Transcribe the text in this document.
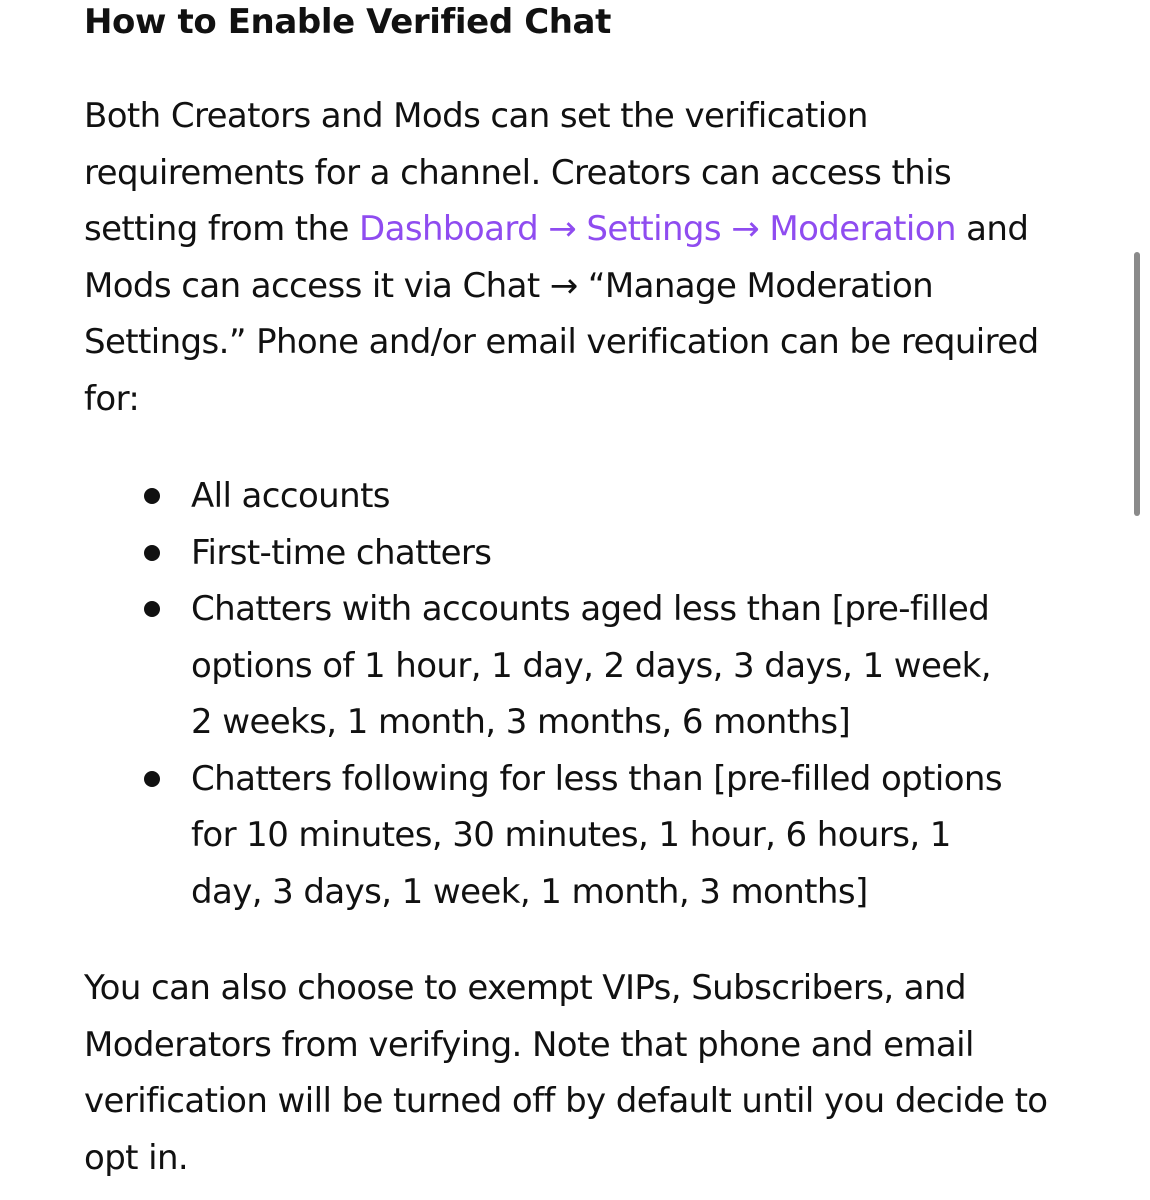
How to Enable Verified Chat

Both Creators and Mods can set the verification requirements for a channel. Creators can access this setting from the Dashboard → Settings → Moderation and Mods can access it via Chat → “Manage Moderation Settings.” Phone and/or email verification can be required for:

All accounts
First-time chatters
Chatters with accounts aged less than [pre-filled options of 1 hour, 1 day, 2 days, 3 days, 1 week, 2 weeks, 1 month, 3 months, 6 months]
Chatters following for less than [pre-filled options for 10 minutes, 30 minutes, 1 hour, 6 hours, 1 day, 3 days, 1 week, 1 month, 3 months]

You can also choose to exempt VIPs, Subscribers, and Moderators from verifying. Note that phone and email verification will be turned off by default until you decide to opt in.
